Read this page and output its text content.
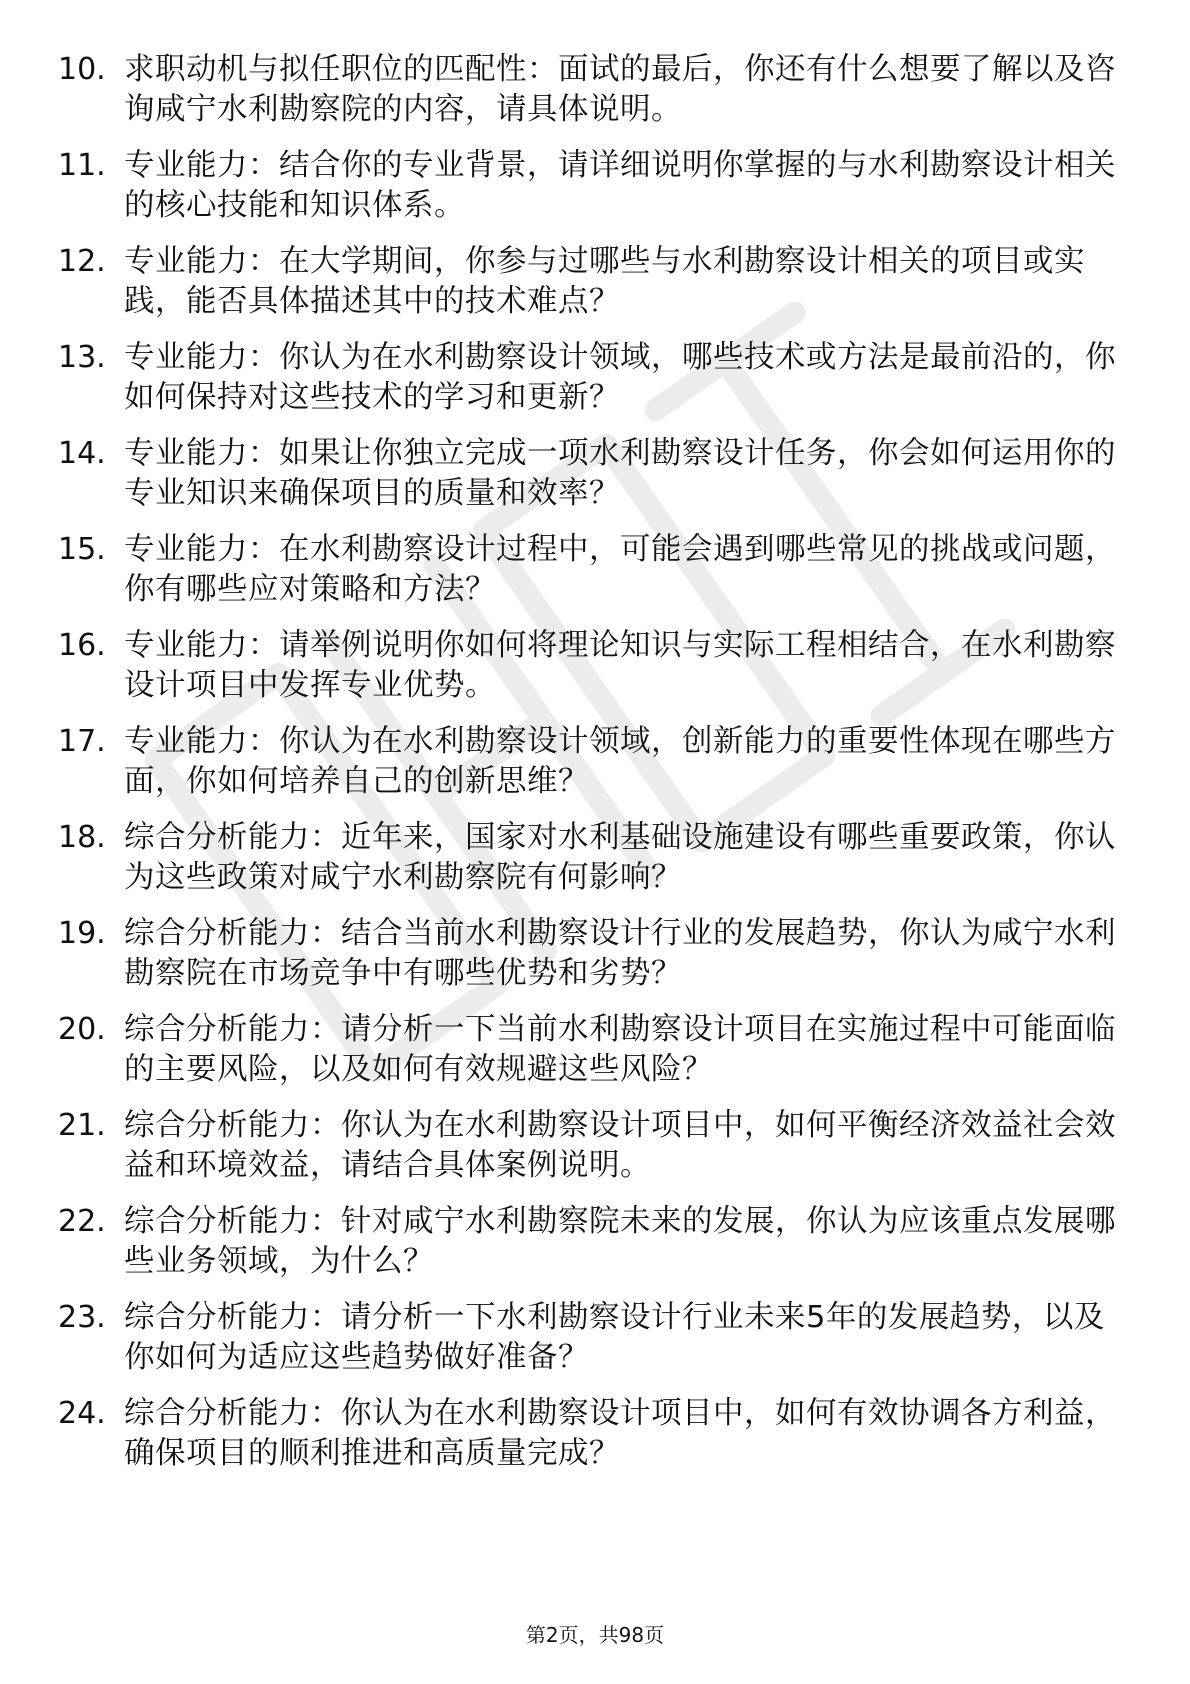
10. 求职动机与拟任职位的匹配性：面试的最后，你还有什么想要了解以及咨询咸宁水利勘察院的内容，请具体说明。
11. 专业能力：结合你的专业背景，请详细说明你掌握的与水利勘察设计相关的核心技能和知识体系。
12. 专业能力：在大学期间，你参与过哪些与水利勘察设计相关的项目或实践，能否具体描述其中的技术难点？
13. 专业能力：你认为在水利勘察设计领域，哪些技术或方法是最前沿的，你如何保持对这些技术的学习和更新？
14. 专业能力：如果让你独立完成一项水利勘察设计任务，你会如何运用你的专业知识来确保项目的质量和效率？
15. 专业能力：在水利勘察设计过程中，可能会遇到哪些常见的挑战或问题，你有哪些应对策略和方法？
16. 专业能力：请举例说明你如何将理论知识与实际工程相结合，在水利勘察设计项目中发挥专业优势。
17. 专业能力：你认为在水利勘察设计领域，创新能力的重要性体现在哪些方面，你如何培养自己的创新思维？
18. 综合分析能力：近年来，国家对水利基础设施建设有哪些重要政策，你认为这些政策对咸宁水利勘察院有何影响？
19. 综合分析能力：结合当前水利勘察设计行业的发展趋势，你认为咸宁水利勘察院在市场竞争中有哪些优势和劣势？
20. 综合分析能力：请分析一下当前水利勘察设计项目在实施过程中可能面临的主要风险，以及如何有效规避这些风险？
21. 综合分析能力：你认为在水利勘察设计项目中，如何平衡经济效益社会效益和环境效益，请结合具体案例说明。
22. 综合分析能力：针对咸宁水利勘察院未来的发展，你认为应该重点发展哪些业务领域，为什么？
23. 综合分析能力：请分析一下水利勘察设计行业未来5年的发展趋势，以及你如何为适应这些趋势做好准备？
24. 综合分析能力：你认为在水利勘察设计项目中，如何有效协调各方利益，确保项目的顺利推进和高质量完成？
第2页，共98页
